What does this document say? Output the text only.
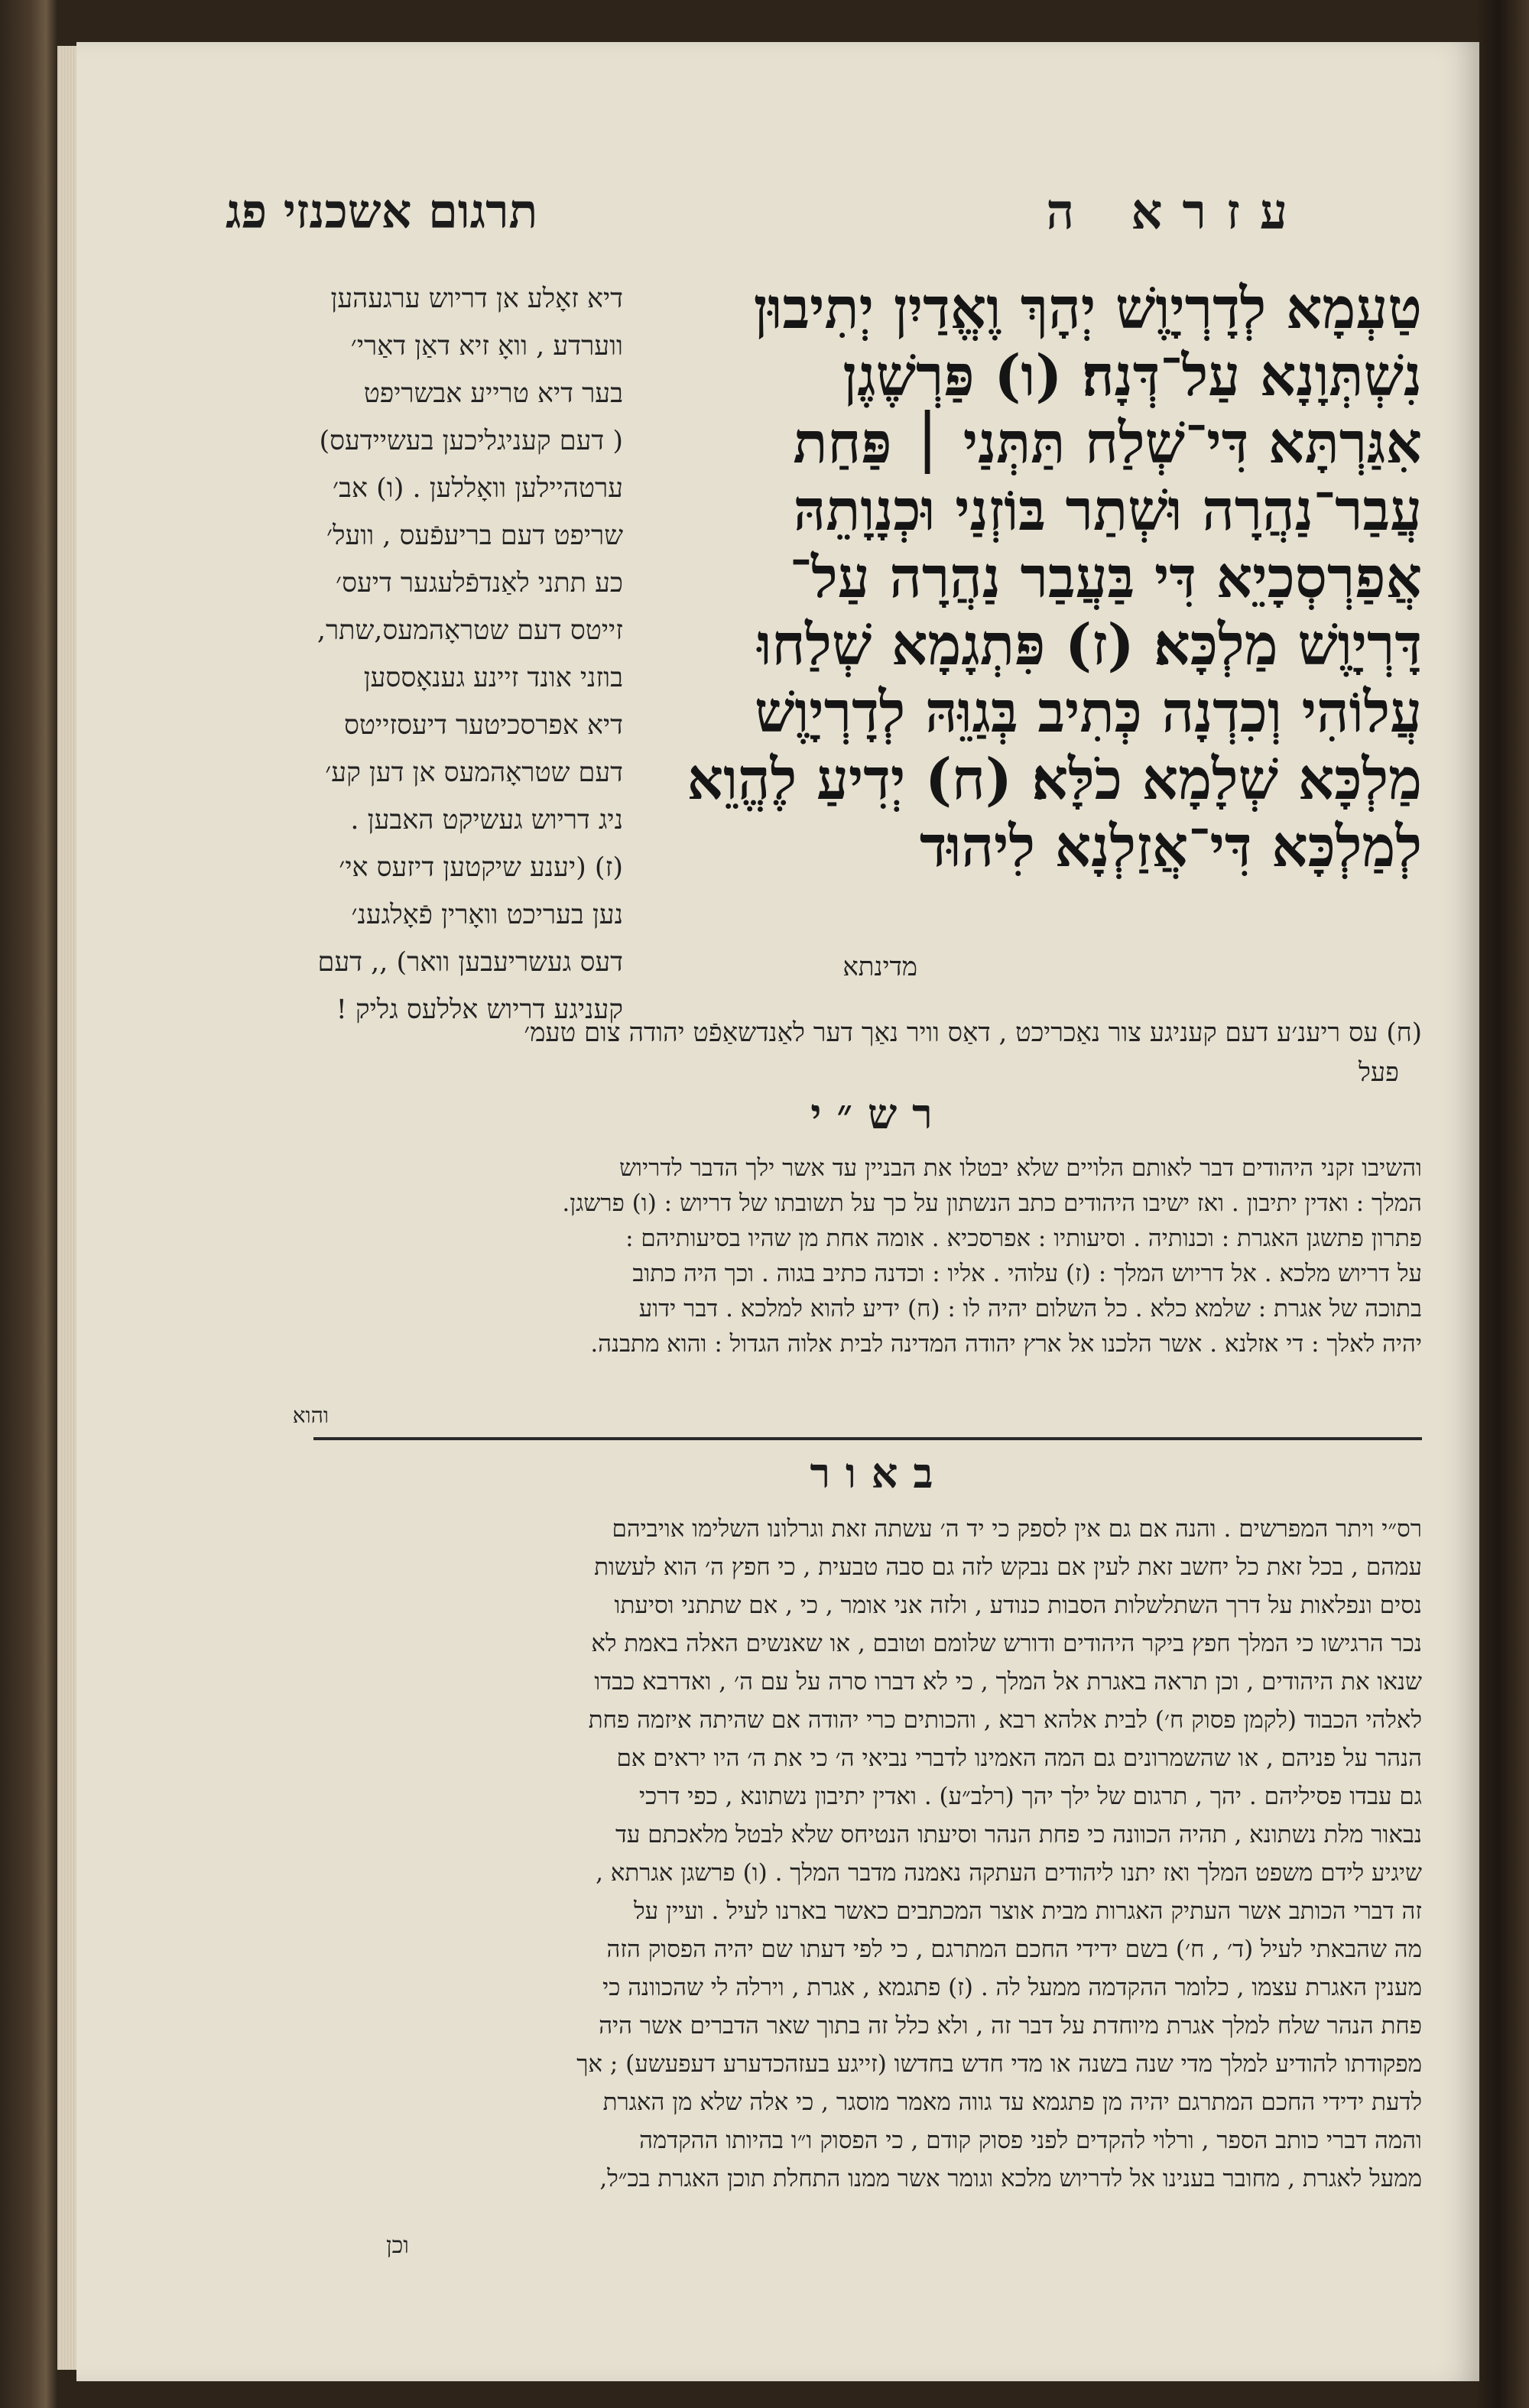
תרגום אשכנזי פג	עזרא ה
דיא זאָלע אן דריוש ערגעהען
ווערדע , וואָ זיא דאַן דאַרי׳
בער דיא טרייע אבשריפט
( דעם קעניגליכען בעשיידעס)
ערטהיילען וואָללען . (ו) אב׳
שריפט דעם בריעפֿעס , וועל׳
כע תתני לאַנדפֿלעגער דיעס׳
זייטס דעם שטראָהמעס,שתר,
בוזני אונד זיינע גענאָססען
דיא אפרסכיטער דיעסזייטס
דעם שטראָהמעס אן דען קע׳
ניג דריוש געשיקט האבען .
(ז) (יענע שיקטען דיזעס אי׳
נען בעריכט וואָרין פֿאָלגענ׳
דעס געשריעבען וואר) ,, דעם
קעניגע דריוש אללעס גליק !
טַעְמָא לְדָרְיָוֶשׁ יְהָךְ וֶאֱדַיִן יְתִיבוּן
נִשְׁתְּוָנָא עַל־דְּנָה׃ (ו) פַּרְשֶׁגֶן
אִגַּרְתָּא דִּי־שְׁלַח תַּתְּנַי ׀ פַּחַת
עֲבַר־נַהֲרָה וּשְׁתַר בּוֹזְנַי וּכְנָוָתֵהּ
אֲפַרְסְכָיֵא דִּי בַּעֲבַר נַהֲרָה עַל־
דָּרְיָוֶשׁ מַלְכָּא׃ (ז) פִּתְגָמָא שְׁלַחוּ
עֲלוֹהִי וְכִדְנָה כְּתִיב בְּגַוֵּהּ לְדָרְיָוֶשׁ
מַלְכָּא שְׁלָמָא כֹלָּא׃ (ח) יְדִיעַ לֶהֱוֵא
לְמַלְכָּא דִּי־אֲזַלְנָא לִיהוּד
מדינתא
(ח) עס ריענ׳ע דעם קעניגע צור נאַכריכט , דאַס וויר נאַך דער לאַנדשאַפֿט יהודה צום טעמ׳
פעל
רש״י
והשיבו זקני היהודים דבר לאותם הלויים שלא יבטלו את הבניין עד אשר ילך הדבר לדריוש
המלך : ואדין יתיבון . ואז ישיבו היהודים כתב הנשתון על כך על תשובתו של דריוש : (ו) פרשגן.
פתרון פתשגן האגרת : וכנותיה . וסיעותיו : אפרסכיא . אומה אחת מן שהיו בסיעותיהם :
על דריוש מלכא . אל דריוש המלך : (ז) עלוהי . אליו : וכדנה כתיב בגוה . וכך היה כתוב
בתוכה של אגרת : שלמא כלא . כל השלום יהיה לו : (ח) ידיע להוא למלכא . דבר ידוע
יהיה לאלך : די אזלנא . אשר הלכנו אל ארץ יהודה המדינה לבית אלוה הגדול : והוא מתבנה.
והוא
באור
רס״י ויתר המפרשים . והנה אם גם אין לספק כי יד ה׳ עשתה זאת וגרלונו השלימו אויביהם
עמהם , בכל זאת כל יחשב זאת לעין אם נבקש לזה גם סבה טבעית , כי חפץ ה׳ הוא לעשות
נסים ונפלאות על דרך השתלשלות הסבות כנודע , ולזה אני אומר , כי , אם שתתני וסיעתו
נכר הרגישו כי המלך חפץ ביקר היהודים ודורש שלומם וטובם , או שאנשים האלה באמת לא
שנאו את היהודים , וכן תראה באגרת אל המלך , כי לא דברו סרה על עם ה׳ , ואדרבא כבדו
לאלהי הכבוד (לקמן פסוק ח׳) לבית אלהא רבא , והכותים כרי יהודה אם שהיתה איזמה פחת
הנהר על פניהם , או שהשמרונים גם המה האמינו לדברי נביאי ה׳ כי את ה׳ היו יראים אם
גם עבדו פסיליהם . יהך , תרגום של ילך יהך (רלב״ע) . ואדין יתיבון נשתונא , כפי דרכי
נבאור מלת נשתונא , תהיה הכוונה כי פחת הנהר וסיעתו הנטיחס שלא לבטל מלאכתם עד
שיגיע לידם משפט המלך ואז יתנו ליהודים העתקה נאמנה מדבר המלך . (ו) פרשגן אגרתא ,
זה דברי הכותב אשר העתיק האגרות מבית אוצר המכתבים כאשר בארנו לעיל . ועיין על
מה שהבאתי לעיל (ד׳ , ח׳) בשם ידידי החכם המתרגם , כי לפי דעתו שם יהיה הפסוק הזה
מענין האגרת עצמו , כלומר ההקדמה ממעל לה . (ז) פתגמא , אגרת , וירלה לי שהכוונה כי
פחת הנהר שלח למלך אגרת מיוחדת על דבר זה , ולא כלל זה בתוך שאר הדברים אשר היה
מפקודתו להודיע למלך מדי שנה בשנה או מדי חדש בחדשו (זייגע בעזהכדערע דעפעשע) ; אך
לדעת ידידי החכם המתרגם יהיה מן פתגמא עד גווה מאמר מוסגר , כי אלה שלא מן האגרת
והמה דברי כותב הספר , ורלוי להקדים לפני פסוק קודם , כי הפסוק ו״ו בהיותו ההקדמה
ממעל לאגרת , מחובר בענינו אל לדריוש מלכא וגומר אשר ממנו התחלת תוכן האגרת בכ״ל,
וכן
